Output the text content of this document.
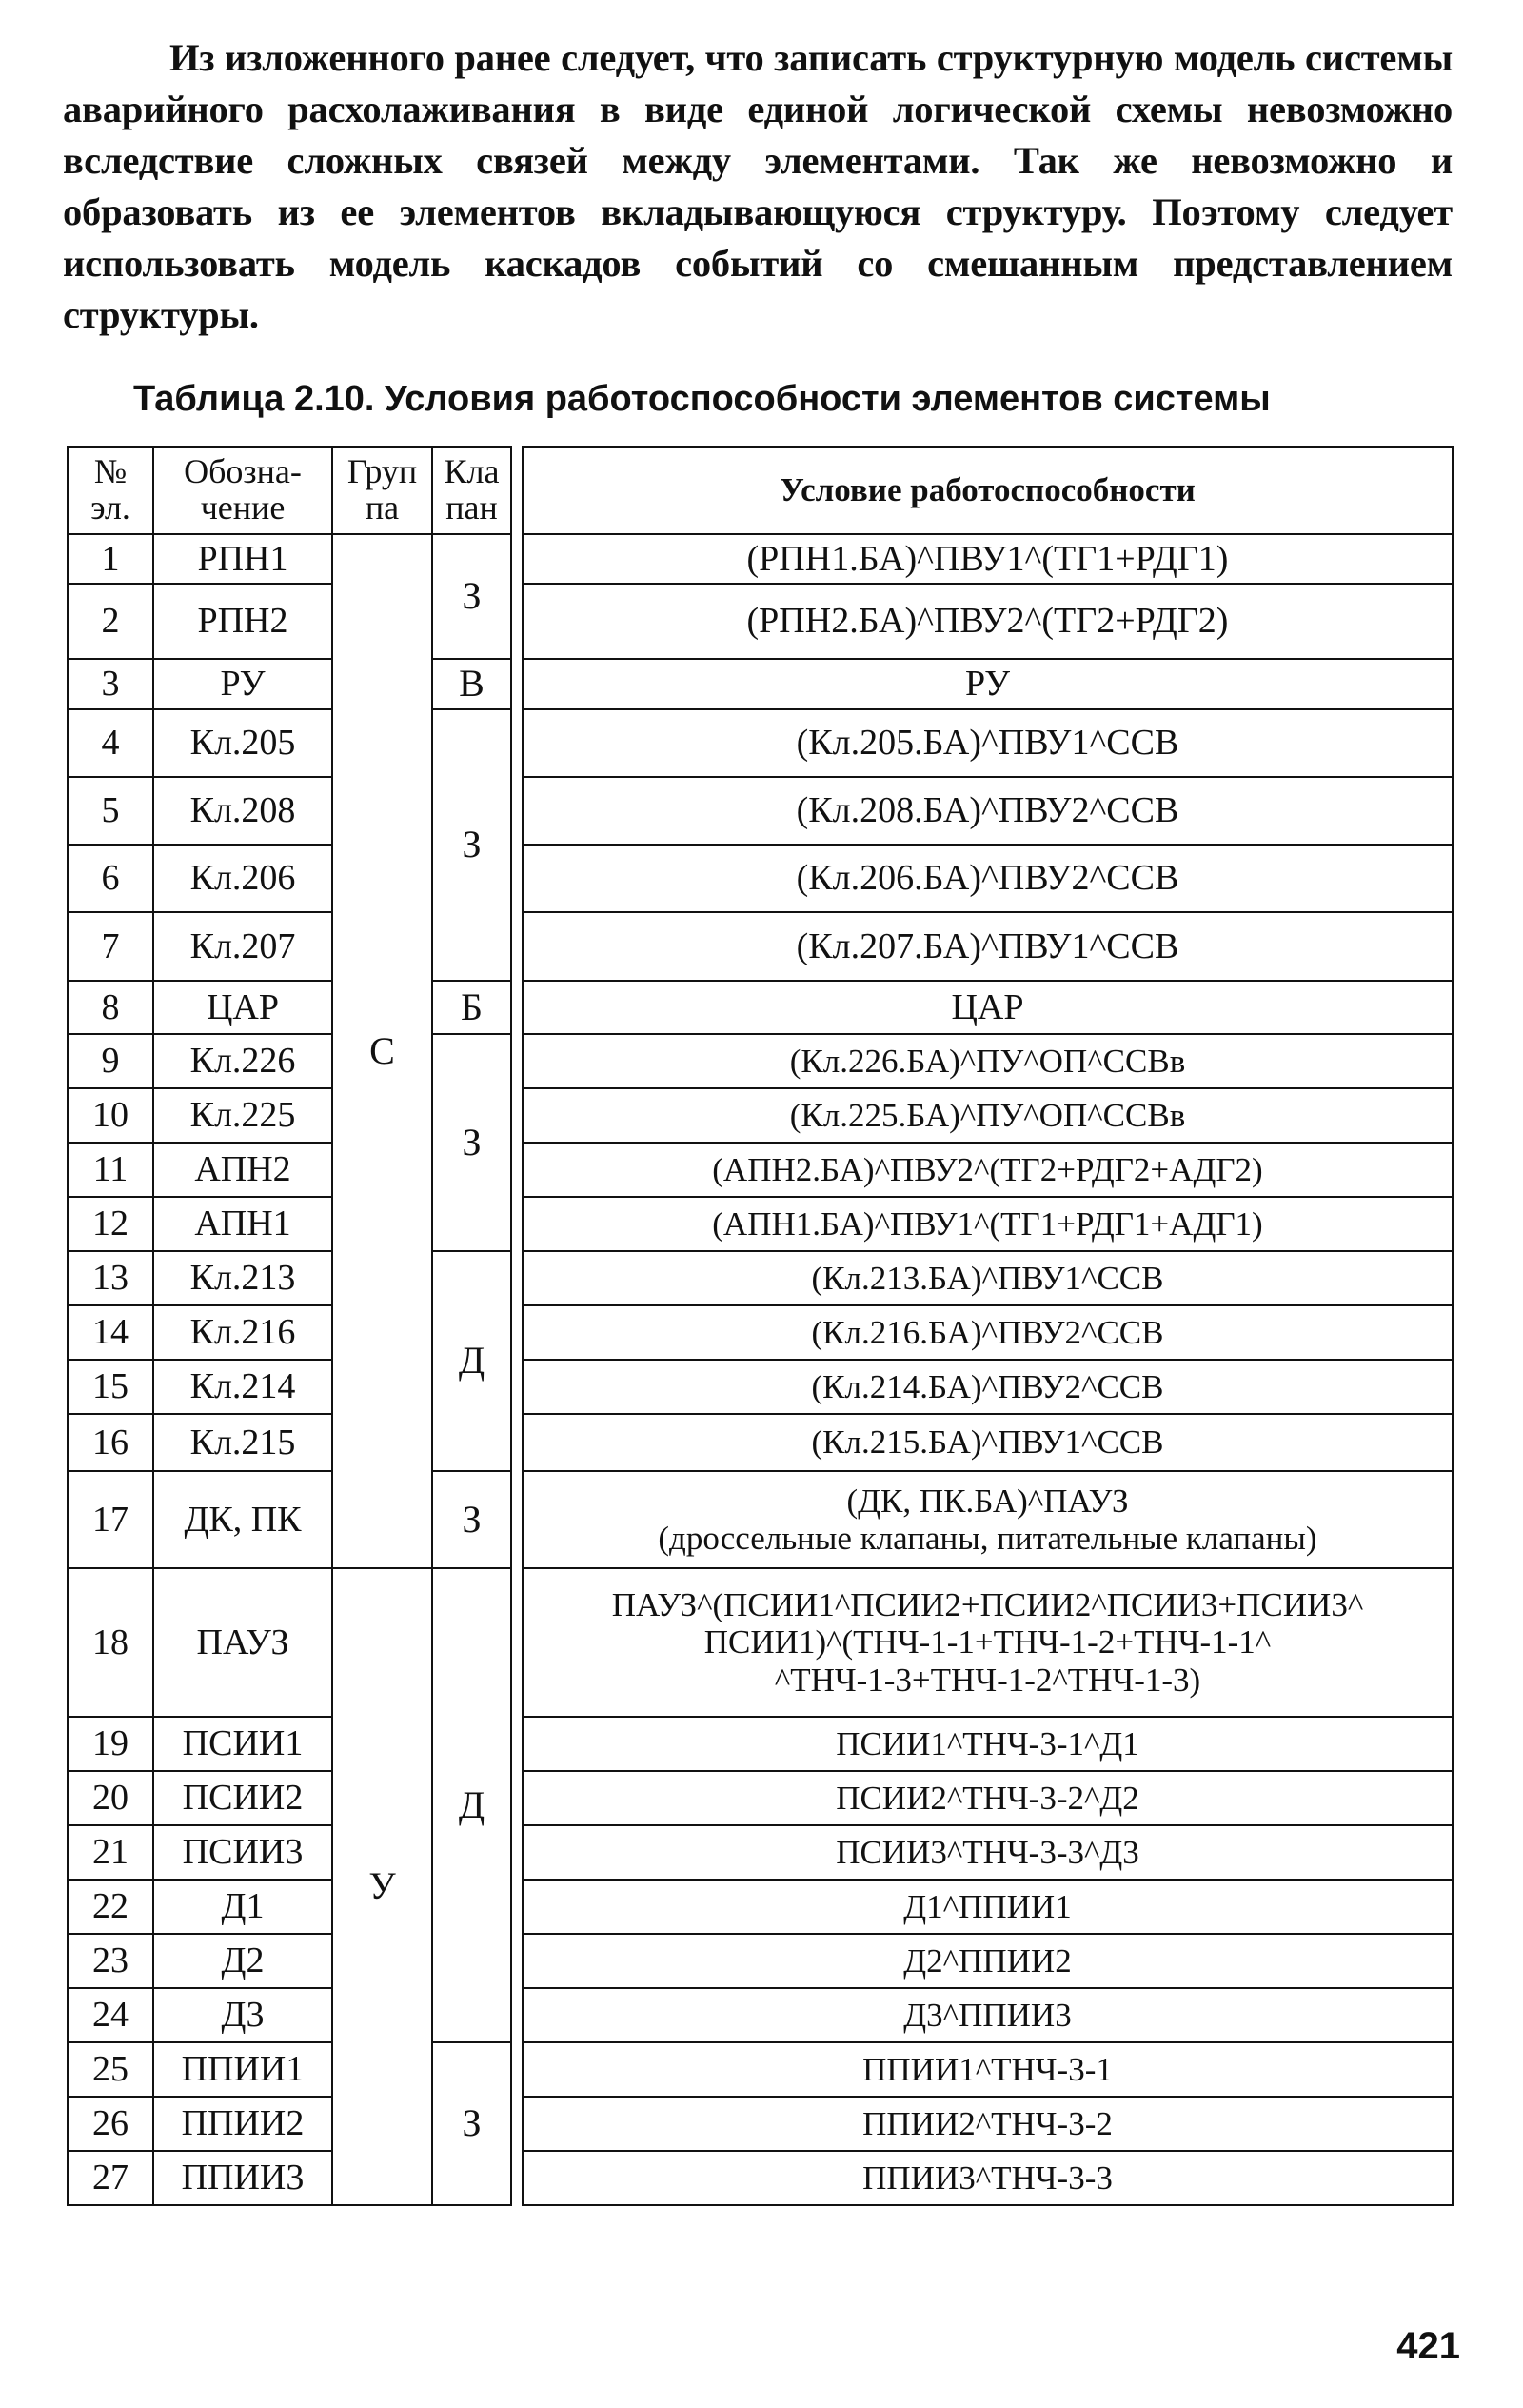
Из изложенного ранее следует, что записать структурную модель системы аварийного расхолаживания в виде единой логической схемы невозможно вследствие сложных связей между элементами. Так же невозможно и образовать из ее элементов вкладывающуюся структуру. Поэтому следует использовать модель каскадов событий со смешанным представлением структуры.

Таблица 2.10. Условия работоспособности элементов системы

№ эл.	Обозна-чение	Груп па	Кла пан		Условие работоспособности
1	РПН1	С	З		(РПН1.БА)^ПВУ1^(ТГ1+РДГ1)
2	РПН2				(РПН2.БА)^ПВУ2^(ТГ2+РДГ2)
3	РУ		В		РУ
4	Кл.205		З		(Кл.205.БА)^ПВУ1^ССВ
5	Кл.208				(Кл.208.БА)^ПВУ2^ССВ
6	Кл.206				(Кл.206.БА)^ПВУ2^ССВ
7	Кл.207				(Кл.207.БА)^ПВУ1^ССВ
8	ЦАР		Б		ЦАР
9	Кл.226		З		(Кл.226.БА)^ПУ^ОП^ССВв
10	Кл.225				(Кл.225.БА)^ПУ^ОП^ССВв
11	АПН2				(АПН2.БА)^ПВУ2^(ТГ2+РДГ2+АДГ2)
12	АПН1				(АПН1.БА)^ПВУ1^(ТГ1+РДГ1+АДГ1)
13	Кл.213		Д		(Кл.213.БА)^ПВУ1^ССВ
14	Кл.216				(Кл.216.БА)^ПВУ2^ССВ
15	Кл.214				(Кл.214.БА)^ПВУ2^ССВ
16	Кл.215				(Кл.215.БА)^ПВУ1^ССВ
17	ДК, ПК		З		(ДК, ПК.БА)^ПАУЗ
(дроссельные клапаны, питательные клапаны)

18	ПАУЗ	У	Д		ПАУЗ^(ПСИИ1^ПСИИ2+ПСИИ2^ПСИИ3+ПСИИ3^
ПСИИ1)^(ТНЧ-1-1+ТНЧ-1-2+ТНЧ-1-1^
^ТНЧ-1-3+ТНЧ-1-2^ТНЧ-1-3)

19	ПСИИ1				ПСИИ1^ТНЧ-3-1^Д1
20	ПСИИ2				ПСИИ2^ТНЧ-3-2^Д2
21	ПСИИ3				ПСИИ3^ТНЧ-3-3^Д3
22	Д1				Д1^ППИИ1
23	Д2				Д2^ППИИ2
24	Д3				Д3^ППИИ3
25	ППИИ1		З		ППИИ1^ТНЧ-3-1
26	ППИИ2				ППИИ2^ТНЧ-3-2
27	ППИИ3				ППИИ3^ТНЧ-3-3
421
